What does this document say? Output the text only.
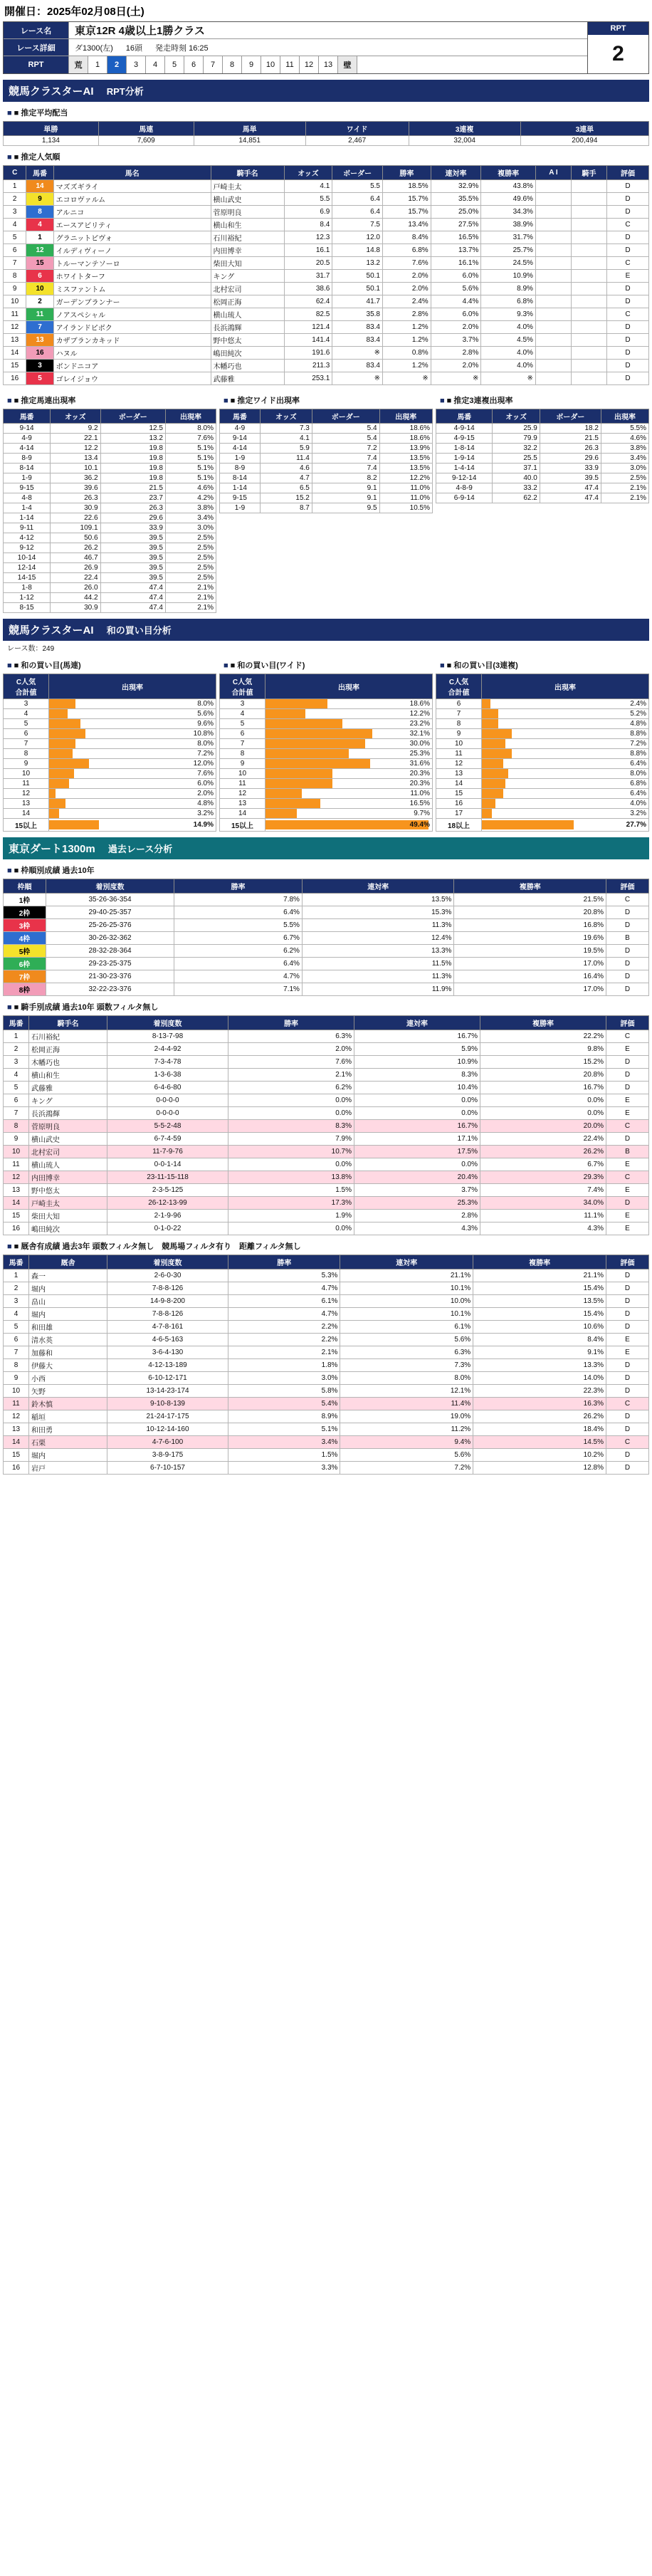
開催日：2025年02月08日(土)
レース名	東京12R 4歳以上1勝クラス
レース詳細	ダ1300(左) 16頭 発走時刻 16:25
RPT	荒	1	2	3	4	5	6	7	8	9	10	11	12	13	壁
RPT
2
競馬クラスターAI RPT分析
■ ■ 推定平均配当
単勝	馬連	馬単	ワイド	3連複	3連単
1,134	7,609	14,851	2,467	32,004	200,494
■ ■ 推定人気順
C	馬番	馬名	騎手名	オッズ	ボーダー	勝率	連対率	複勝率	A I	騎手	評価
1	14	マズズギライ	戸崎圭太	4.1	5.5	18.5%	32.9%	43.8%			D
2	9	エコロヴァルム	横山武史	5.5	6.4	15.7%	35.5%	49.6%			D
3	8	アルニコ	菅原明良	6.9	6.4	15.7%	25.0%	34.3%			D
4	4	エースアビリティ	横山和生	8.4	7.5	13.4%	27.5%	38.9%			C
5	1	グラニットピヴォ	石川裕紀	12.3	12.0	8.4%	16.5%	31.7%			D
6	12	イルディヴィーノ	内田博幸	16.1	14.8	6.8%	13.7%	25.7%			D
7	15	トルーマンテソーロ	柴田大知	20.5	13.2	7.6%	16.1%	24.5%			C
8	6	ホワイトターフ	キング	31.7	50.1	2.0%	6.0%	10.9%			E
9	10	ミスファントム	北村宏司	38.6	50.1	2.0%	5.6%	8.9%			D
10	2	ガーデンブランナー	松岡正海	62.4	41.7	2.4%	4.4%	6.8%			D
11	11	ノアスペシャル	横山琉人	82.5	35.8	2.8%	6.0%	9.3%			C
12	7	アイランドピボク	長浜鴻輝	121.4	83.4	1.2%	2.0%	4.0%			D
13	13	カザブランカキッド	野中悠太	141.4	83.4	1.2%	3.7%	4.5%			D
14	16	ハヌル	嶋田純次	191.6	※	0.8%	2.8%	4.0%			D
15	3	ボンドニコア	木幡巧也	211.3	83.4	1.2%	2.0%	4.0%			D
16	5	ゴレイジョウ	武藤雅	253.1	※	※	※	※			D
■ ■ 推定馬連出現率
馬番	オッズ	ボーダー	出現率
9-14	9.2	12.5	8.0%
4-9	22.1	13.2	7.6%
4-14	12.2	19.8	5.1%
8-9	13.4	19.8	5.1%
8-14	10.1	19.8	5.1%
1-9	36.2	19.8	5.1%
9-15	39.6	21.5	4.6%
4-8	26.3	23.7	4.2%
1-4	30.9	26.3	3.8%
1-14	22.6	29.6	3.4%
9-11	109.1	33.9	3.0%
4-12	50.6	39.5	2.5%
9-12	26.2	39.5	2.5%
10-14	46.7	39.5	2.5%
12-14	26.9	39.5	2.5%
14-15	22.4	39.5	2.5%
1-8	26.0	47.4	2.1%
1-12	44.2	47.4	2.1%
8-15	30.9	47.4	2.1%
■ ■ 推定ワイド出現率
馬番	オッズ	ボーダー	出現率
4-9	7.3	5.4	18.6%
9-14	4.1	5.4	18.6%
4-14	5.9	7.2	13.9%
1-9	11.4	7.4	13.5%
8-9	4.6	7.4	13.5%
8-14	4.7	8.2	12.2%
1-14	6.5	9.1	11.0%
9-15	15.2	9.1	11.0%
1-9	8.7	9.5	10.5%
■ ■ 推定3連複出現率
馬番	オッズ	ボーダー	出現率
4-9-14	25.9	18.2	5.5%
4-9-15	79.9	21.5	4.6%
1-8-14	32.2	26.3	3.8%
1-9-14	25.5	29.6	3.4%
1-4-14	37.1	33.9	3.0%
9-12-14	40.0	39.5	2.5%
4-8-9	33.2	47.4	2.1%
6-9-14	62.2	47.4	2.1%
競馬クラスターAI 和の買い目分析
レース数：249
■ ■ 和の買い目(馬連)
C人気
合計値	出現率
3	8.0%

4	5.6%

5	9.6%

6	10.8%

7	8.0%

8	7.2%

9	12.0%

10	7.6%

11	6.0%

12	2.0%

13	4.8%

14	3.2%

15以上	14.9%
■ ■ 和の買い目(ワイド)
C人気
合計値	出現率
3	18.6%

4	12.2%

5	23.2%

6	32.1%

7	30.0%

8	25.3%

9	31.6%

10	20.3%

11	20.3%

12	11.0%

13	16.5%

14	9.7%

15以上	49.4%
■ ■ 和の買い目(3連複)
C人気
合計値	出現率
6	2.4%

7	5.2%

8	4.8%

9	8.8%

10	7.2%

11	8.8%

12	6.4%

13	8.0%

14	6.8%

15	6.4%

16	4.0%

17	3.2%

18以上	27.7%
東京ダート1300m 過去レース分析
■ ■ 枠順別成績 過去10年
枠順	着別度数	勝率	連対率	複勝率	評価
1枠	35-26-36-354	7.8%	13.5%	21.5%	C
2枠	29-40-25-357	6.4%	15.3%	20.8%	D
3枠	25-26-25-376	5.5%	11.3%	16.8%	D
4枠	30-26-32-362	6.7%	12.4%	19.6%	B
5枠	28-32-28-364	6.2%	13.3%	19.5%	D
6枠	29-23-25-375	6.4%	11.5%	17.0%	D
7枠	21-30-23-376	4.7%	11.3%	16.4%	D
8枠	32-22-23-376	7.1%	11.9%	17.0%	D
■ ■ 騎手別成績 過去10年 頭数フィルタ無し
馬番	騎手名	着別度数	勝率	連対率	複勝率	評価
1	石川裕紀	8-13-7-98	6.3%	16.7%	22.2%	C
2	松岡正海	2-4-4-92	2.0%	5.9%	9.8%	E
3	木幡巧也	7-3-4-78	7.6%	10.9%	15.2%	D
4	横山和生	1-3-6-38	2.1%	8.3%	20.8%	D
5	武藤雅	6-4-6-80	6.2%	10.4%	16.7%	D
6	キング	0-0-0-0	0.0%	0.0%	0.0%	E
7	長浜鴻輝	0-0-0-0	0.0%	0.0%	0.0%	E
8	菅原明良	5-5-2-48	8.3%	16.7%	20.0%	C
9	横山武史	6-7-4-59	7.9%	17.1%	22.4%	D
10	北村宏司	11-7-9-76	10.7%	17.5%	26.2%	B
11	横山琉人	0-0-1-14	0.0%	0.0%	6.7%	E
12	内田博幸	23-11-15-118	13.8%	20.4%	29.3%	C
13	野中悠太	2-3-5-125	1.5%	3.7%	7.4%	E
14	戸崎圭太	26-12-13-99	17.3%	25.3%	34.0%	D
15	柴田大知	2-1-9-96	1.9%	2.8%	11.1%	E
16	嶋田純次	0-1-0-22	0.0%	4.3%	4.3%	E
■ ■ 厩舎有成績 過去3年 頭数フィルタ無し　競馬場フィルタ有り　距離フィルタ無し
馬番	厩舎	着別度数	勝率	連対率	複勝率	評価
1	森一	2-6-0-30	5.3%	21.1%	21.1%	D
2	堀内	7-8-8-126	4.7%	10.1%	15.4%	D
3	畠山	14-9-8-200	6.1%	10.0%	13.5%	D
4	堀内	7-8-8-126	4.7%	10.1%	15.4%	D
5	和田雄	4-7-8-161	2.2%	6.1%	10.6%	D
6	清水英	4-6-5-163	2.2%	5.6%	8.4%	E
7	加藤和	3-6-4-130	2.1%	6.3%	9.1%	E
8	伊藤大	4-12-13-189	1.8%	7.3%	13.3%	D
9	小西	6-10-12-171	3.0%	8.0%	14.0%	D
10	矢野	13-14-23-174	5.8%	12.1%	22.3%	D
11	鈴木慎	9-10-8-139	5.4%	11.4%	16.3%	C
12	稲垣	21-24-17-175	8.9%	19.0%	26.2%	D
13	和田勇	10-12-14-160	5.1%	11.2%	18.4%	D
14	石栗	4-7-6-100	3.4%	9.4%	14.5%	C
15	堀内	3-8-9-175	1.5%	5.6%	10.2%	D
16	岩戸	6-7-10-157	3.3%	7.2%	12.8%	D
